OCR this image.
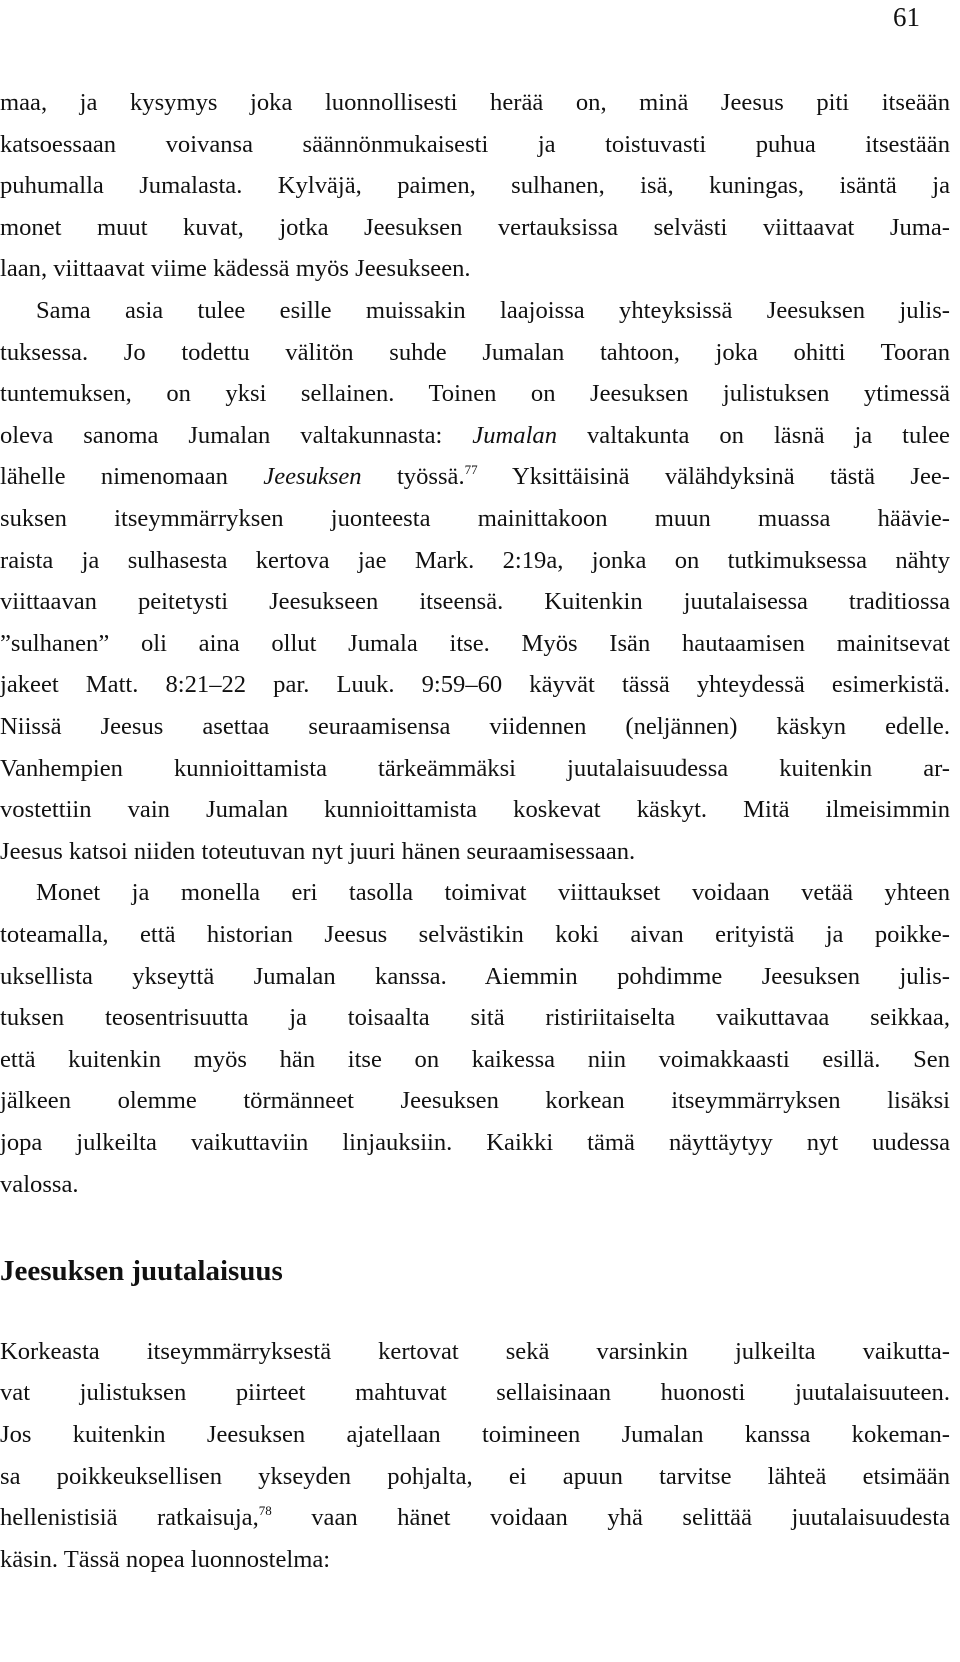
61
maa, ja kysymys joka luonnollisesti herää on, minä Jeesus piti itseään
katsoessaan voivansa säännönmukaisesti ja toistuvasti puhua itsestään
puhumalla Jumalasta. Kylväjä, paimen, sulhanen, isä, kuningas, isäntä ja
monet muut kuvat, jotka Jeesuksen vertauksissa selvästi viittaavat Juma-
laan, viittaavat viime kädessä myös Jeesukseen.
Sama asia tulee esille muissakin laajoissa yhteyksissä Jeesuksen julis-
tuksessa. Jo todettu välitön suhde Jumalan tahtoon, joka ohitti Tooran
tuntemuksen, on yksi sellainen. Toinen on Jeesuksen julistuksen ytimessä
oleva sanoma Jumalan valtakunnasta: Jumalan valtakunta on läsnä ja tulee
lähelle nimenomaan Jeesuksen työssä.$^{77}$ Yksittäisinä välähdyksinä tästä Jee-
suksen itseymmärryksen juonteesta mainittakoon muun muassa häävie-
raista ja sulhasesta kertova jae Mark. 2:19a, jonka on tutkimuksessa nähty
viittaavan peitetysti Jeesukseen itseensä. Kuitenkin juutalaisessa traditiossa
”sulhanen” oli aina ollut Jumala itse. Myös Isän hautaamisen mainitsevat
jakeet Matt. 8:21–22 par. Luuk. 9:59–60 käyvät tässä yhteydessä esimerkistä.
Niissä Jeesus asettaa seuraamisensa viidennen (neljännen) käskyn edelle.
Vanhempien kunnioittamista tärkeämmäksi juutalaisuudessa kuitenkin ar-
vostettiin vain Jumalan kunnioittamista koskevat käskyt. Mitä ilmeisimmin
Jeesus katsoi niiden toteutuvan nyt juuri hänen seuraamisessaan.
Monet ja monella eri tasolla toimivat viittaukset voidaan vetää yhteen
toteamalla, että historian Jeesus selvästikin koki aivan erityistä ja poikke-
uksellista ykseyttä Jumalan kanssa. Aiemmin pohdimme Jeesuksen julis-
tuksen teosentrisuutta ja toisaalta sitä ristiriitaiselta vaikuttavaa seikkaa,
että kuitenkin myös hän itse on kaikessa niin voimakkaasti esillä. Sen
jälkeen olemme törmänneet Jeesuksen korkean itseymmärryksen lisäksi
jopa julkeilta vaikuttaviin linjauksiin. Kaikki tämä näyttäytyy nyt uudessa
valossa.
Jeesuksen juutalaisuus
Korkeasta itseymmärryksestä kertovat sekä varsinkin julkeilta vaikutta-
vat julistuksen piirteet mahtuvat sellaisinaan huonosti juutalaisuuteen.
Jos kuitenkin Jeesuksen ajatellaan toimineen Jumalan kanssa kokeman-
sa poikkeuksellisen ykseyden pohjalta, ei apuun tarvitse lähteä etsimään
hellenistisiä ratkaisuja,$^{78}$ vaan hänet voidaan yhä selittää juutalaisuudesta
käsin. Tässä nopea luonnostelma:
